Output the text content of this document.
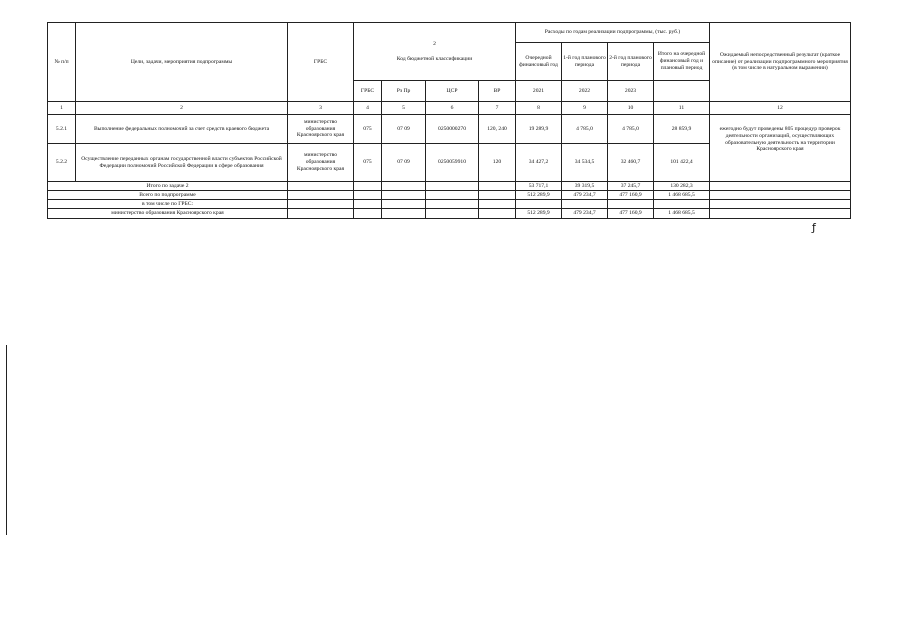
№ п/п	Цели, задачи, мероприятия подпрограммы	ГРБС	2
Код бюджетной классификации				Расходы по годам реализации подпрограммы, (тыс. руб.)				Ожидаемый непосредственный результат (краткое описание) от реализации подпрограммного мероприятия (в том числе в натуральном выражении)
							Очередной финансовый год	1-й год планового периода	2-й год планового периода	Итого на очередной финансовый год и плановый период	
			ГРБС	Рз Пр	ЦСР	ВР	2021	2022	2023		
1	2	3	4	5	6	7	8	9	10	11	12
5.2.1	Выполнение федеральных полномочий за счет средств краевого бюджета	министерство образования Красноярского края	075	07 09	0250000270	120, 240	19 289,9	4 785,0	4 785,0	28 859,9	ежегодно будут проведены 805 процедур проверок деятельности организаций, осуществляющих образовательную деятельность на территории Красноярского края
5.2.2	Осуществление переданных органам государственной власти субъектов Российской Федерации полномочий Российской Федерации в сфере образования	министерство образования Красноярского края	075	07 09	0250059910	120	34 427,2	34 534,5	32 460,7	101 422,4	
Итого по задаче 2							53 717,1	39 319,5	37 245,7	130 282,3	
Всего по подпрограмме							512 289,9	479 234,7	477 160,9	1 468 685,5	
в том числе по ГРБС:											
министерство образования Красноярского края							512 289,9	479 234,7	477 160,9	1 468 685,5	
ƒ
